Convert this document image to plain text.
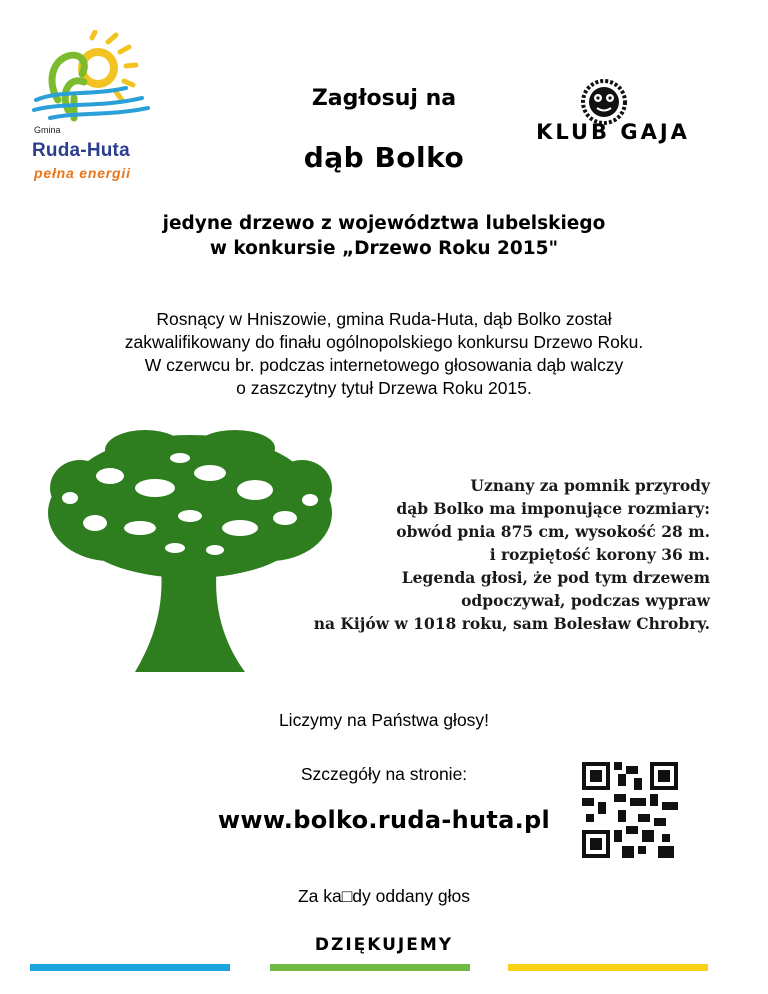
Gmina
Ruda-Huta
pełna energii
KLUB GAJA
Zagłosuj na
dąb Bolko
jedyne drzewo z województwa lubelskiego
w konkursie „Drzewo Roku 2015"
Rosnący w Hniszowie, gmina Ruda-Huta, dąb Bolko został
zakwalifikowany do finału ogólnopolskiego konkursu Drzewo Roku.
W czerwcu br. podczas internetowego głosowania dąb walczy
o zaszczytny tytuł Drzewa Roku 2015.
Uznany za pomnik przyrody
dąb Bolko ma imponujące rozmiary:
obwód pnia 875 cm, wysokość 28 m.
i rozpiętość korony 36 m.
Legenda głosi, że pod tym drzewem
odpoczywał, podczas wypraw
na Kijów w 1018 roku, sam Bolesław Chrobry.
Liczymy na Państwa głosy!
Szczegóły na stronie:
www.bolko.ruda-huta.pl
Za ka□dy oddany głos
DZIĘKUJEMY
